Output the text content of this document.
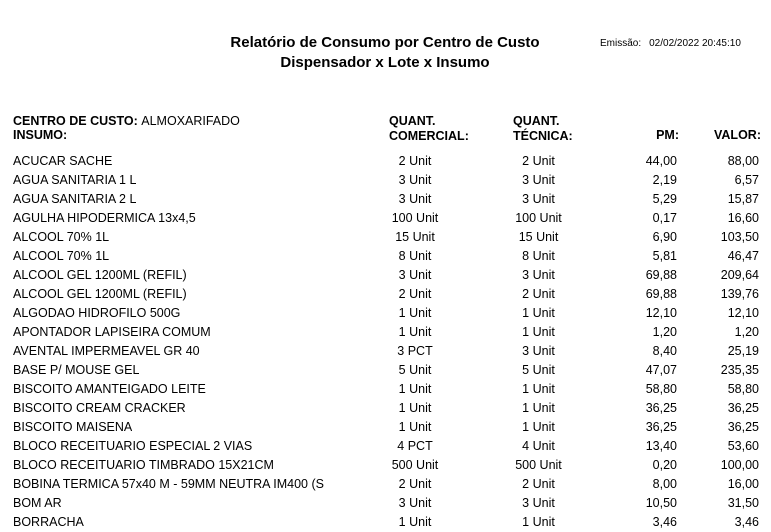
Relatório de Consumo por Centro de Custo
Dispensador x Lote x Insumo
Emissão: 02/02/2022 20:45:10
CENTRO DE CUSTO: ALMOXARIFADO
INSUMO:
QUANT.
COMERCIAL:
QUANT.
TÉCNICA:	PM:	VALOR:
ACUCAR SACHE	2 Unit	2 Unit	44,00	88,00
AGUA SANITARIA 1 L	3 Unit	3 Unit	2,19	6,57
AGUA SANITARIA 2 L	3 Unit	3 Unit	5,29	15,87
AGULHA HIPODERMICA 13x4,5	100 Unit	100 Unit	0,17	16,60
ALCOOL 70% 1L	15 Unit	15 Unit	6,90	103,50
ALCOOL 70% 1L	8 Unit	8 Unit	5,81	46,47
ALCOOL GEL 1200ML (REFIL)	3 Unit	3 Unit	69,88	209,64
ALCOOL GEL 1200ML (REFIL)	2 Unit	2 Unit	69,88	139,76
ALGODAO HIDROFILO 500G	1 Unit	1 Unit	12,10	12,10
APONTADOR LAPISEIRA COMUM	1 Unit	1 Unit	1,20	1,20
AVENTAL IMPERMEAVEL GR 40	3 PCT	3 Unit	8,40	25,19
BASE P/ MOUSE GEL	5 Unit	5 Unit	47,07	235,35
BISCOITO AMANTEIGADO LEITE	1 Unit	1 Unit	58,80	58,80
BISCOITO CREAM CRACKER	1 Unit	1 Unit	36,25	36,25
BISCOITO MAISENA	1 Unit	1 Unit	36,25	36,25
BLOCO RECEITUARIO ESPECIAL 2 VIAS	4 PCT	4 Unit	13,40	53,60
BLOCO RECEITUARIO TIMBRADO 15X21CM	500 Unit	500 Unit	0,20	100,00
BOBINA TERMICA 57x40 M - 59MM NEUTRA IM400 (S	2 Unit	2 Unit	8,00	16,00
BOM AR	3 Unit	3 Unit	10,50	31,50
BORRACHA	1 Unit	1 Unit	3,46	3,46
